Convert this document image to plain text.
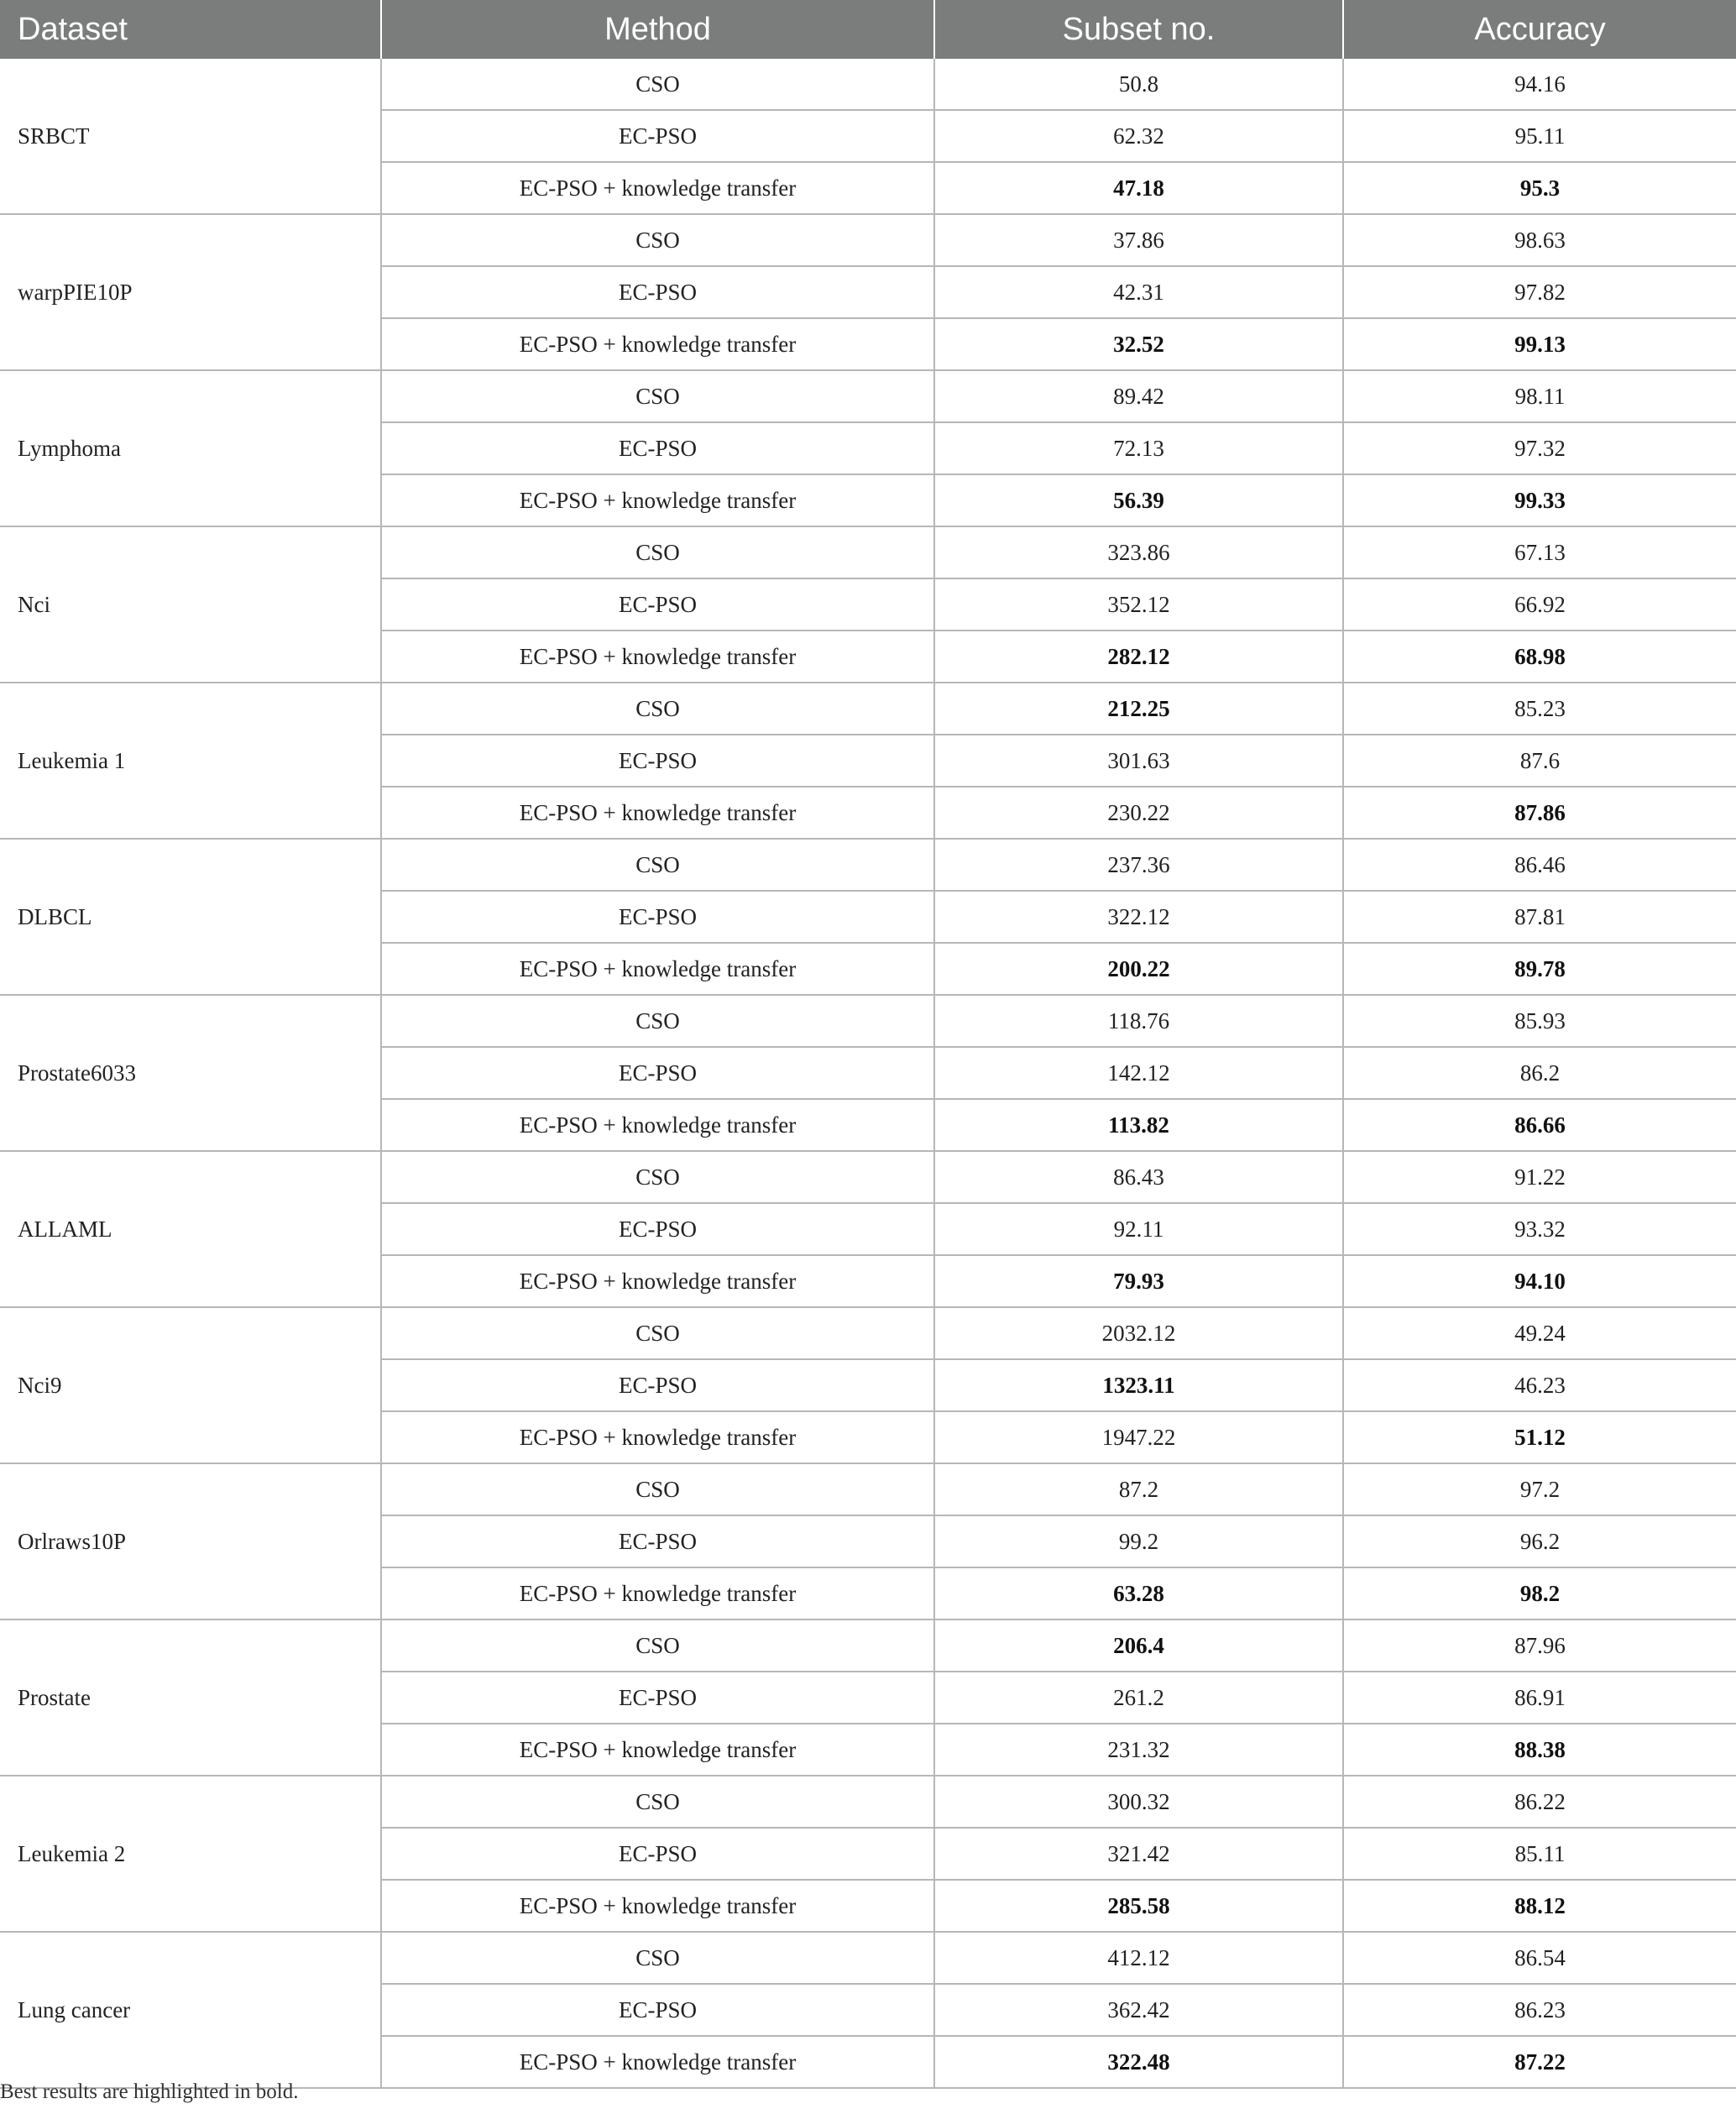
Dataset	Method	Subset no.	Accuracy
SRBCT	CSO	50.8	94.16
	EC-PSO	62.32	95.11
	EC-PSO + knowledge transfer	47.18	95.3
warpPIE10P	CSO	37.86	98.63
	EC-PSO	42.31	97.82
	EC-PSO + knowledge transfer	32.52	99.13
Lymphoma	CSO	89.42	98.11
	EC-PSO	72.13	97.32
	EC-PSO + knowledge transfer	56.39	99.33
Nci	CSO	323.86	67.13
	EC-PSO	352.12	66.92
	EC-PSO + knowledge transfer	282.12	68.98
Leukemia 1	CSO	212.25	85.23
	EC-PSO	301.63	87.6
	EC-PSO + knowledge transfer	230.22	87.86
DLBCL	CSO	237.36	86.46
	EC-PSO	322.12	87.81
	EC-PSO + knowledge transfer	200.22	89.78
Prostate6033	CSO	118.76	85.93
	EC-PSO	142.12	86.2
	EC-PSO + knowledge transfer	113.82	86.66
ALLAML	CSO	86.43	91.22
	EC-PSO	92.11	93.32
	EC-PSO + knowledge transfer	79.93	94.10
Nci9	CSO	2032.12	49.24
	EC-PSO	1323.11	46.23
	EC-PSO + knowledge transfer	1947.22	51.12
Orlraws10P	CSO	87.2	97.2
	EC-PSO	99.2	96.2
	EC-PSO + knowledge transfer	63.28	98.2
Prostate	CSO	206.4	87.96
	EC-PSO	261.2	86.91
	EC-PSO + knowledge transfer	231.32	88.38
Leukemia 2	CSO	300.32	86.22
	EC-PSO	321.42	85.11
	EC-PSO + knowledge transfer	285.58	88.12
Lung cancer	CSO	412.12	86.54
	EC-PSO	362.42	86.23
	EC-PSO + knowledge transfer	322.48	87.22
Best results are highlighted in bold.
